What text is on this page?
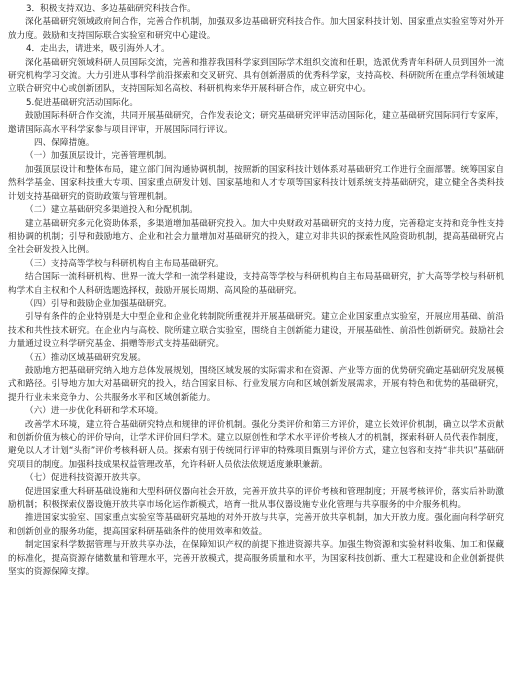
3．积极支持双边、多边基础研究科技合作。

深化基础研究领域政府间合作，完善合作机制，加强双多边基础研究科技合作。加大国家科技计划、国家重点实验室等对外开放力度。鼓励和支持国际联合实验室和研究中心建设。

4．走出去，请进来，吸引海外人才。

深化基础研究领域科研人员国际交流，完善和推荐我国科学家到国际学术组织交流和任职，选派优秀青年科研人员到国外一流研究机构学习交流。大力引进从事科学前沿探索和交叉研究、具有创新潜质的优秀科学家，支持高校、科研院所在重点学科领域建立联合研究中心或创新团队，支持国际知名高校、科研机构来华开展科研合作，成立研究中心。

5.促进基础研究活动国际化。

鼓励国际科研合作交流，共同开展基础研究，合作发表论文；研究基础研究评审活动国际化，建立基础研究国际同行专家库，邀请国际高水平科学家参与项目评审，开展国际同行评议。

四、保障措施。

（一）加强顶层设计，完善管理机制。

加强顶层设计和整体布局，建立部门间沟通协调机制，按照新的国家科技计划体系对基础研究工作进行全面部署。统筹国家自然科学基金、国家科技重大专项、国家重点研发计划、国家基地和人才专项等国家科技计划系统支持基础研究，建立健全各类科技计划支持基础研究的资助政策与管理机制。

（二）建立基础研究多渠道投入和分配机制。

建立基础研究多元化资助体系，多渠道增加基础研究投入。加大中央财政对基础研究的支持力度，完善稳定支持和竞争性支持相协调的机制；引导和鼓励地方、企业和社会力量增加对基础研究的投入，建立对非共识的探索性风险资助机制，提高基础研究占全社会研发投入比例。

（三）支持高等学校与科研机构自主布局基础研究。

结合国际一流科研机构、世界一流大学和一流学科建设，支持高等学校与科研机构自主布局基础研究，扩大高等学校与科研机构学术自主权和个人科研选题选择权，鼓励开展长周期、高风险的基础研究。

（四）引导和鼓励企业加强基础研究。

引导有条件的企业特别是大中型企业和企业化转制院所重视并开展基础研究。建立企业国家重点实验室，开展应用基础、前沿技术和共性技术研究。在企业内与高校、院所建立联合实验室，围绕自主创新能力建设，开展基础性、前沿性创新研究。鼓励社会力量通过设立科学研究基金、捐赠等形式支持基础研究。

（五）推动区域基础研究发展。

鼓励地方把基础研究纳入地方总体发展规划，围绕区域发展的实际需求和在资源、产业等方面的优势研究确定基础研究发展模式和路径。引导地方加大对基础研究的投入，结合国家目标、行业发展方向和区域创新发展需求，开展有特色和优势的基础研究，提升行业未来竞争力、公共服务水平和区域创新能力。

（六）进一步优化科研和学术环境。

改善学术环境，建立符合基础研究特点和规律的评价机制。强化分类评价和第三方评价，建立长效评价机制，确立以学术贡献和创新价值为核心的评价导向，让学术评价回归学术。建立以原创性和学术水平评价考核人才的机制，探索科研人员代表作制度，避免以人才计划“头衔”评价考核科研人员。探索有别于传统同行评审的特殊项目甄别与评价方式，建立包容和支持“非共识”基础研究项目的制度。加强科技成果权益管理改革，允许科研人员依法依规适度兼职兼薪。

（七）促进科技资源开放共享。

促进国家重大科研基础设施和大型科研仪器向社会开放，完善开放共享的评价考核和管理制度；开展考核评价，落实后补助激励机制；积极探索仪器设施开放共享市场化运作新模式，培育一批从事仪器设施专业化管理与共享服务的中介服务机构。

推进国家实验室、国家重点实验室等基础研究基地的对外开放与共享，完善开放共享机制，加大开放力度。强化面向科学研究和创新创业的服务功能，提高国家科研基础条件的使用效率和效益。

制定国家科学数据管理与开放共享办法，在保障知识产权的前提下推进资源共享。加强生物资源和实验材料收集、加工和保藏的标准化，提高资源存储数量和管理水平，完善开放模式，提高服务质量和水平，为国家科技创新、重大工程建设和企业创新提供坚实的资源保障支撑。
